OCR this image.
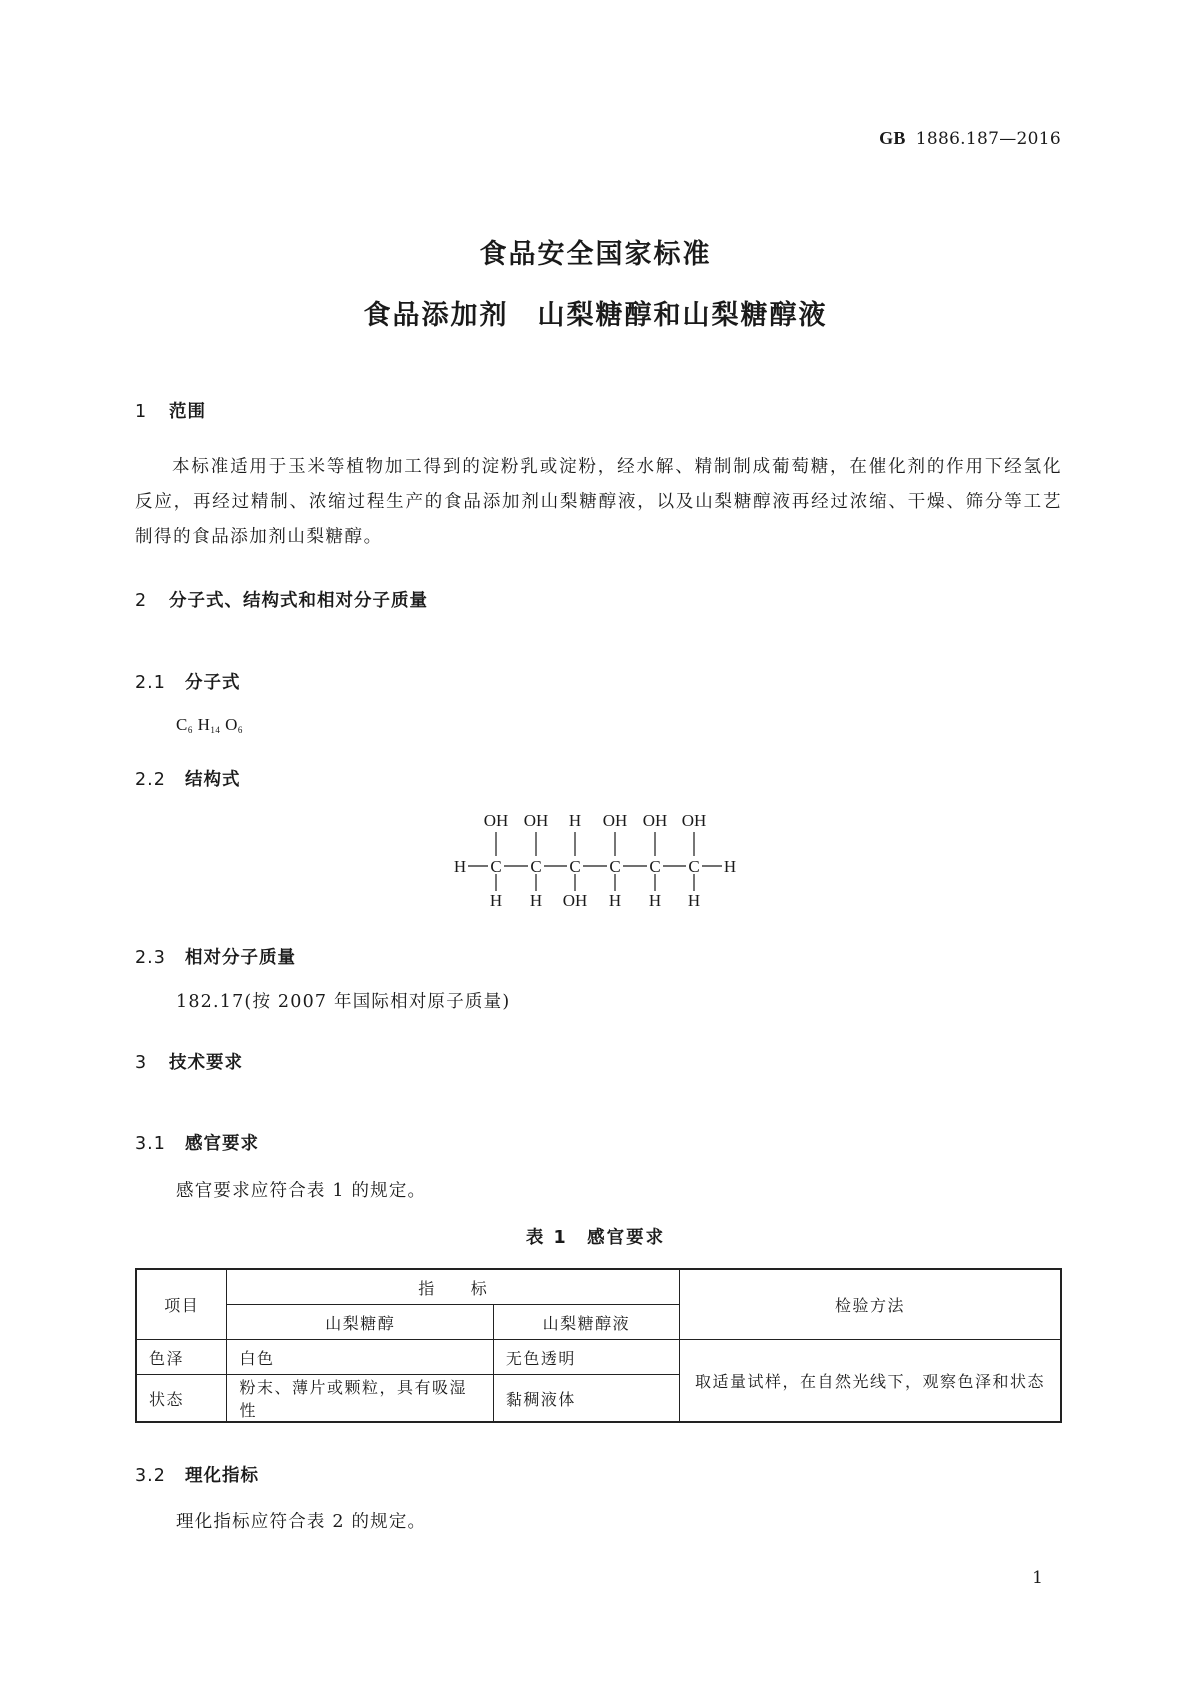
GB 1886.187—2016
食品安全国家标准
食品添加剂　山梨糖醇和山梨糖醇液
1 范围

本标准适用于玉米等植物加工得到的淀粉乳或淀粉，经水解、精制制成葡萄糖，在催化剂的作用下经氢化反应，再经过精制、浓缩过程生产的食品添加剂山梨糖醇液，以及山梨糖醇液再经过浓缩、干燥、筛分等工艺制得的食品添加剂山梨糖醇。

2 分子式、结构式和相对分子质量
2.1 分子式
$C_6$ $H_{14}$ $O_6$
2.2 结构式
OH OH H OH OH OH
H H OH H H H
H C C C C C C H
2.3 相对分子质量
182.17(按 2007 年国际相对原子质量)
3 技术要求
3.1 感官要求
感官要求应符合表 1 的规定。
表 1　感官要求
项目	指　　标		检验方法
	山梨糖醇	山梨糖醇液	
色泽	白色	无色透明	取适量试样，在自然光线下，观察色泽和状态
状态	粉末、薄片或颗粒，具有吸湿性	黏稠液体	
3.2 理化指标
理化指标应符合表 2 的规定。
1
